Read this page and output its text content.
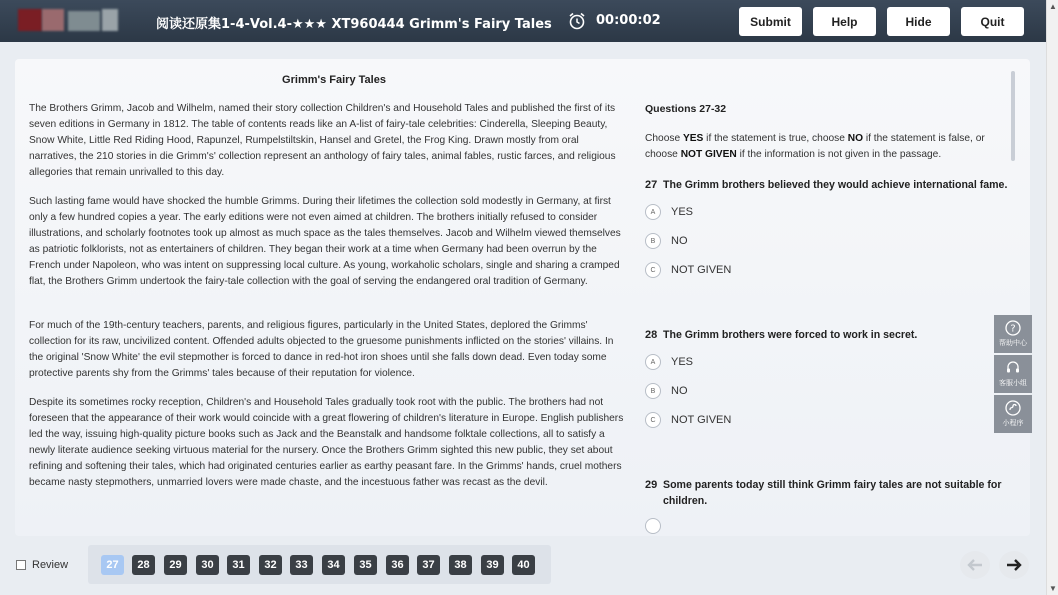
阅读还原集1-4-Vol.4-★★★ XT960444 Grimm's Fairy Tales	00:00:02	Submit	Help	Hide	Quit
Grimm's Fairy Tales
The Brothers Grimm, Jacob and Wilhelm, named their story collection Children's and Household Tales and published the first of its seven editions in Germany in 1812. The table of contents reads like an A-list of fairy-tale celebrities: Cinderella, Sleeping Beauty, Snow White, Little Red Riding Hood, Rapunzel, Rumpelstiltskin, Hansel and Gretel, the Frog King. Drawn mostly from oral narratives, the 210 stories in die Grimm's' collection represent an anthology of fairy tales, animal fables, rustic farces, and religious allegories that remain unrivalled to this day.
Such lasting fame would have shocked the humble Grimms. During their lifetimes the collection sold modestly in Germany, at first only a few hundred copies a year. The early editions were not even aimed at children. The brothers initially refused to consider illustrations, and scholarly footnotes took up almost as much space as the tales themselves. Jacob and Wilhelm viewed themselves as patriotic folklorists, not as entertainers of children. They began their work at a time when Germany had been overrun by the French under Napoleon, who was intent on suppressing local culture. As young, workaholic scholars, single and sharing a cramped flat, the Brothers Grimm undertook the fairy-tale collection with the goal of serving the endangered oral tradition of Germany.
For much of the 19th-century teachers, parents, and religious figures, particularly in the United States, deplored the Grimms' collection for its raw, uncivilized content. Offended adults objected to the gruesome punishments inflicted on the stories' villains. In the original 'Snow White' the evil stepmother is forced to dance in red-hot iron shoes until she falls down dead. Even today some protective parents shy from the Grimms' tales because of their reputation for violence.
Despite its sometimes rocky reception, Children's and Household Tales gradually took root with the public. The brothers had not foreseen that the appearance of their work would coincide with a great flowering of children's literature in Europe. English publishers led the way, issuing high-quality picture books such as Jack and the Beanstalk and handsome folktale collections, all to satisfy a newly literate audience seeking virtuous material for the nursery. Once the Brothers Grimm sighted this new public, they set about refining and softening their tales, which had originated centuries earlier as earthy peasant fare. In the Grimms' hands, cruel mothers became nasty stepmothers, unmarried lovers were made chaste, and the incestuous father was recast as the devil.
Questions 27-32
Choose YES if the statement is true, choose NO if the statement is false, or choose NOT GIVEN if the information is not given in the passage.
27 The Grimm brothers believed they would achieve international fame.
A	YES
B	NO
C	NOT GIVEN
28 The Grimm brothers were forced to work in secret.
A	YES
B	NO
C	NOT GIVEN
29 Some parents today still think Grimm fairy tales are not suitable for children.
?
帮助中心
客服小组
小程序
Review	27	28	29	30	31	32	33	34	35	36	37	38	39	40
▲
▼
